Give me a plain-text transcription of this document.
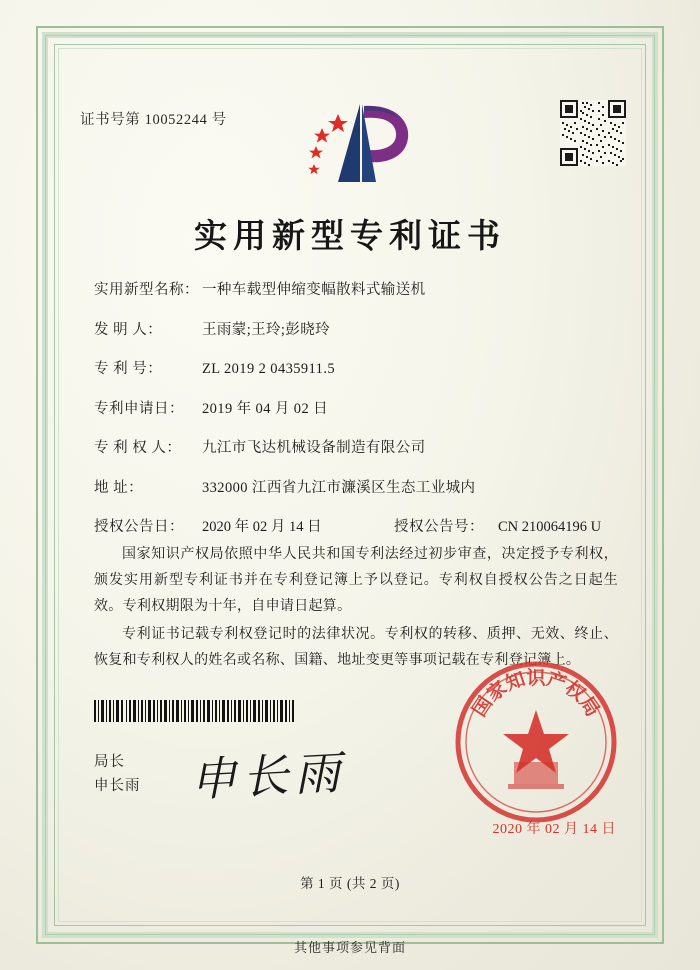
证书号第 10052244 号
实用新型专利证书
实用新型名称： 一种车载型伸缩变幅散料式输送机
发 明 人：	王雨蒙;王玲;彭晓玲
专 利 号：	ZL 2019 2 0435911.5
专利申请日：	2019 年 04 月 02 日
专 利 权 人：	九江市飞达机械设备制造有限公司
地 址：	332000 江西省九江市濂溪区生态工业城内
授权公告日：	2020 年 02 月 14 日	授权公告号： CN 210064196 U

国家知识产权局依照中华人民共和国专利法经过初步审查，决定授予专利权，颁发实用新型专利证书并在专利登记簿上予以登记。专利权自授权公告之日起生效。专利权期限为十年，自申请日起算。

专利证书记载专利权登记时的法律状况。专利权的转移、质押、无效、终止、恢复和专利权人的姓名或名称、国籍、地址变更等事项记载在专利登记簿上。

局长
申长雨 申长雨
国家知识产权局
2020 年 02 月 14 日
第 1 页 (共 2 页)
其他事项参见背面
